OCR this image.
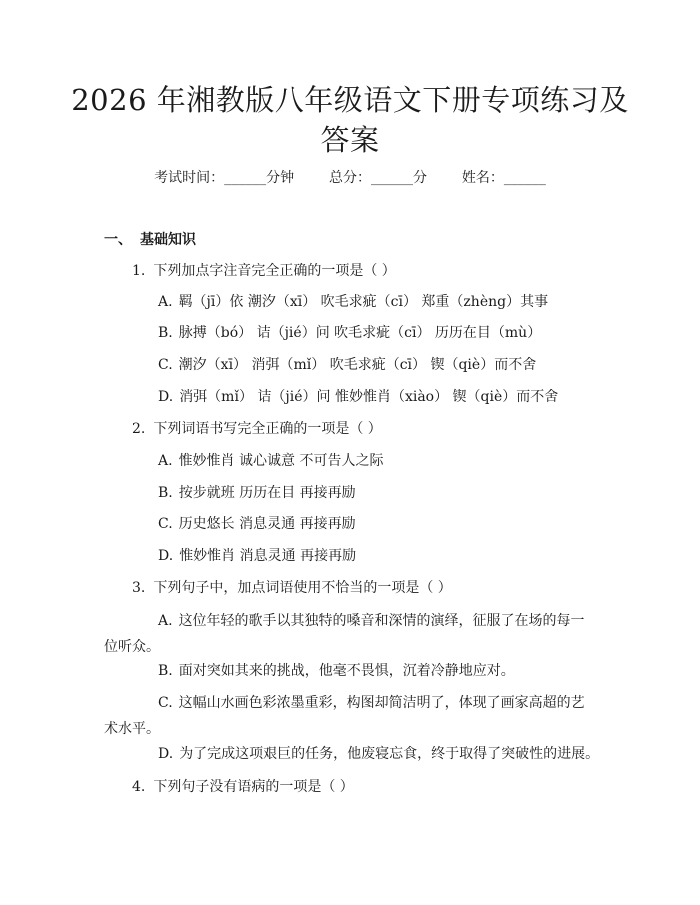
2026 年湘教版八年级语文下册专项练习及答案
考试时间：______分钟 总分：______分 姓名：______
一、 基础知识
1. 下列加点字注音完全正确的一项是（ ）
A. 羁（jī）依 潮汐（xī） 吹毛求疵（cī） 郑重（zhèng）其事
B. 脉搏（bó） 诘（jié）问 吹毛求疵（cī） 历历在目（mù）
C. 潮汐（xī） 消弭（mǐ） 吹毛求疵（cī） 锲（qiè）而不舍
D. 消弭（mǐ） 诘（jié）问 惟妙惟肖（xiào） 锲（qiè）而不舍
2. 下列词语书写完全正确的一项是（ ）
A. 惟妙惟肖 诚心诚意 不可告人之际
B. 按步就班 历历在目 再接再励
C. 历史悠长 消息灵通 再接再励
D. 惟妙惟肖 消息灵通 再接再励
3. 下列句子中，加点词语使用不恰当的一项是（ ）
A. 这位年轻的歌手以其独特的嗓音和深情的演绎，征服了在场的每一位听众。
B. 面对突如其来的挑战，他毫不畏惧，沉着冷静地应对。
C. 这幅山水画色彩浓墨重彩，构图却简洁明了，体现了画家高超的艺术水平。
D. 为了完成这项艰巨的任务，他废寝忘食，终于取得了突破性的进展。
4. 下列句子没有语病的一项是（ ）
